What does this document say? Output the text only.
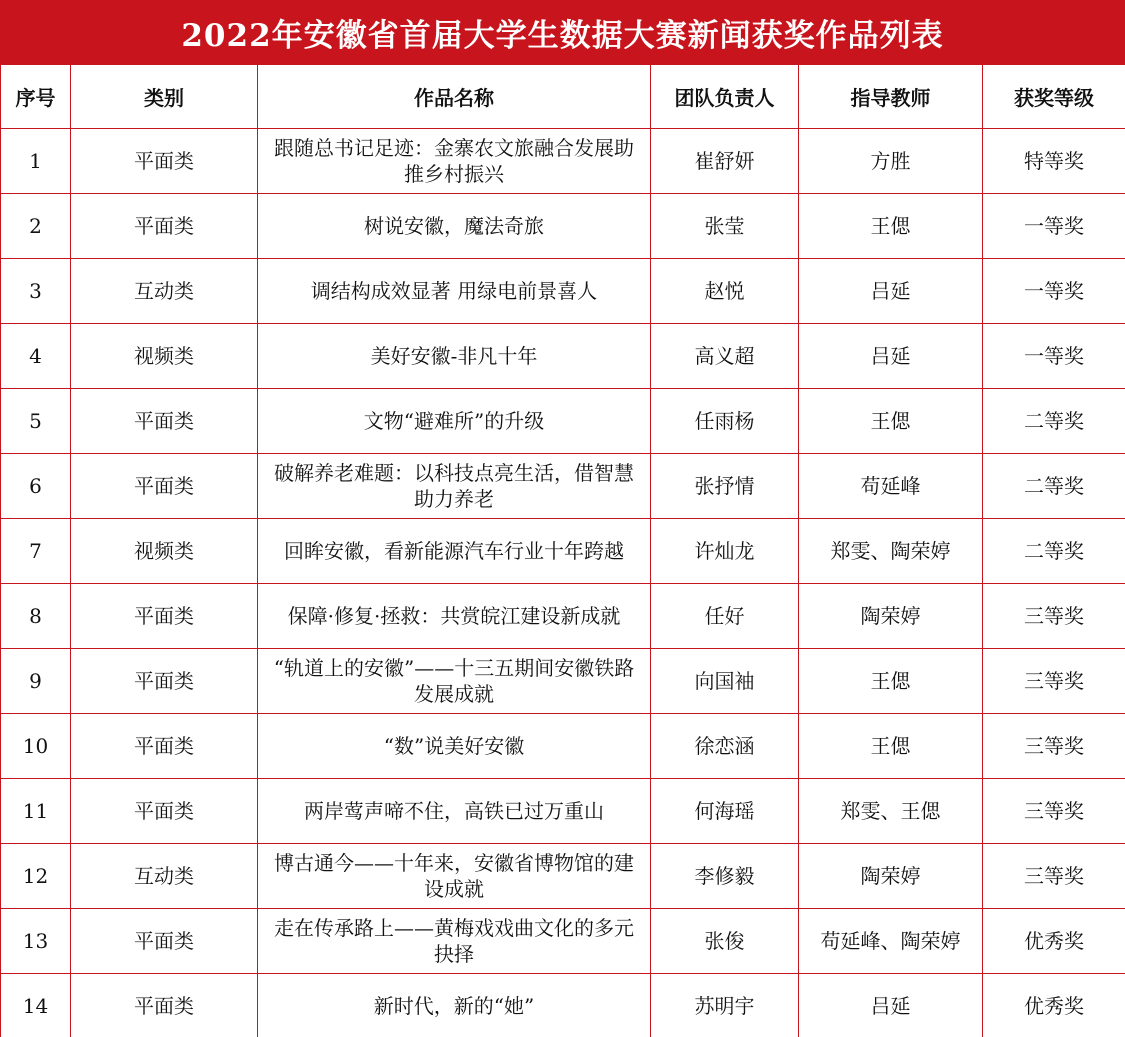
2022年安徽省首届大学生数据大赛新闻获奖作品列表
序号	类别	作品名称	团队负责人	指导教师	获奖等级
1	平面类	跟随总书记足迹：金寨农文旅融合发展助推乡村振兴	崔舒妍	方胜	特等奖
2	平面类	树说安徽，魔法奇旅	张莹	王偲	一等奖
3	互动类	调结构成效显著 用绿电前景喜人	赵悦	吕延	一等奖
4	视频类	美好安徽-非凡十年	高义超	吕延	一等奖
5	平面类	文物“避难所”的升级	任雨杨	王偲	二等奖
6	平面类	破解养老难题：以科技点亮生活，借智慧助力养老	张抒情	苟延峰	二等奖
7	视频类	回眸安徽，看新能源汽车行业十年跨越	许灿龙	郑雯、陶荣婷	二等奖
8	平面类	保障·修复·拯救：共赏皖江建设新成就	任好	陶荣婷	三等奖
9	平面类	“轨道上的安徽”——十三五期间安徽铁路发展成就	向国袖	王偲	三等奖
10	平面类	“数”说美好安徽	徐恋涵	王偲	三等奖
11	平面类	两岸莺声啼不住，高铁已过万重山	何海瑶	郑雯、王偲	三等奖
12	互动类	博古通今——十年来，安徽省博物馆的建设成就	李修毅	陶荣婷	三等奖
13	平面类	走在传承路上——黄梅戏戏曲文化的多元抉择	张俊	苟延峰、陶荣婷	优秀奖
14	平面类	新时代，新的“她”	苏明宇	吕延	优秀奖
